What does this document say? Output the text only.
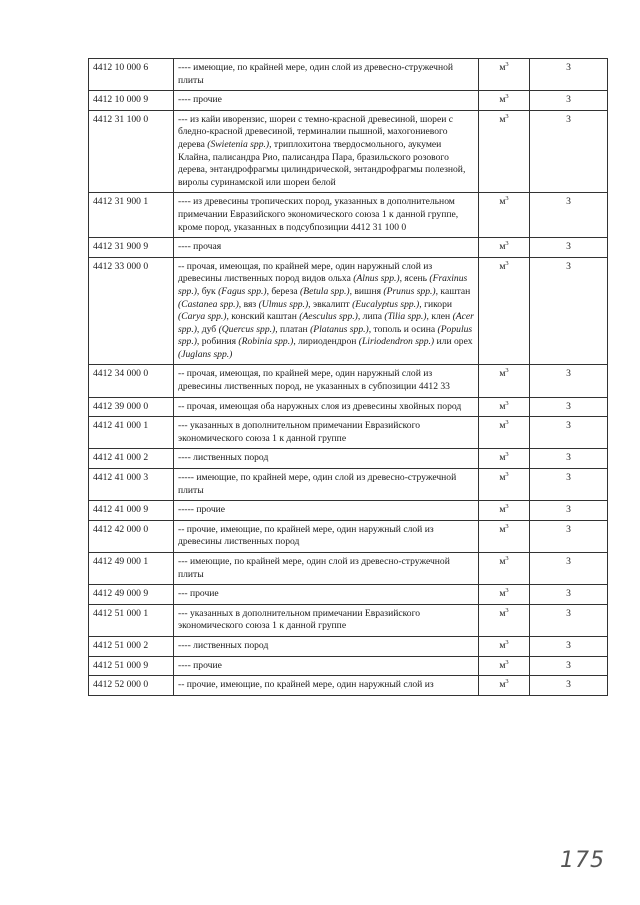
4412 10 000 6	---- имеющие, по крайней мере, один слой из древесно-стружечной плиты	$м^3$	3
4412 10 000 9	---- прочие	$м^3$	3
4412 31 100 0	--- из кайи иворензис, шореи с темно-красной древесиной, шореи с бледно-красной древесиной, терминалии пышной, махогониевого дерева (Swietenia spp.), триплохитона твердосмольного, аукумеи Клайна, палисандра Рио, палисандра Пара, бразильского розового дерева, энтандрофрагмы цилиндрической, энтандрофрагмы полезной, виролы суринамской или шореи белой	$м^3$	3
4412 31 900 1	---- из древесины тропических пород, указанных в дополнительном примечании Евразийского экономического союза 1 к данной группе, кроме пород, указанных в подсубпозиции 4412 31 100 0	$м^3$	3
4412 31 900 9	---- прочая	$м^3$	3
4412 33 000 0	-- прочая, имеющая, по крайней мере, один наружный слой из древесины лиственных пород видов ольха (Alnus spp.), ясень (Fraxinus spp.), бук (Fagus spp.), береза (Betula spp.), вишня (Prunus spp.), каштан (Castanea spp.), вяз (Ulmus spp.), эвкалипт (Eucalyptus spp.), гикори (Carya spp.), конский каштан (Aesculus spp.), липа (Tilia spp.), клен (Acer spp.), дуб (Quercus spp.), платан (Platanus spp.), тополь и осина (Populus spp.), робиния (Robinia spp.), лириодендрон (Liriodendron spp.) или орех (Juglans spp.)	$м^3$	3
4412 34 000 0	-- прочая, имеющая, по крайней мере, один наружный слой из древесины лиственных пород, не указанных в субпозиции 4412 33	$м^3$	3
4412 39 000 0	-- прочая, имеющая оба наружных слоя из древесины хвойных пород	$м^3$	3
4412 41 000 1	--- указанных в дополнительном примечании Евразийского экономического союза 1 к данной группе	$м^3$	3
4412 41 000 2	---- лиственных пород	$м^3$	3
4412 41 000 3	----- имеющие, по крайней мере, один слой из древесно-стружечной плиты	$м^3$	3
4412 41 000 9	----- прочие	$м^3$	3
4412 42 000 0	-- прочие, имеющие, по крайней мере, один наружный слой из древесины лиственных пород	$м^3$	3
4412 49 000 1	--- имеющие, по крайней мере, один слой из древесно-стружечной плиты	$м^3$	3
4412 49 000 9	--- прочие	$м^3$	3
4412 51 000 1	--- указанных в дополнительном примечании Евразийского экономического союза 1 к данной группе	$м^3$	3
4412 51 000 2	---- лиственных пород	$м^3$	3
4412 51 000 9	---- прочие	$м^3$	3
4412 52 000 0	-- прочие, имеющие, по крайней мере, один наружный слой из	$м^3$	3
175
